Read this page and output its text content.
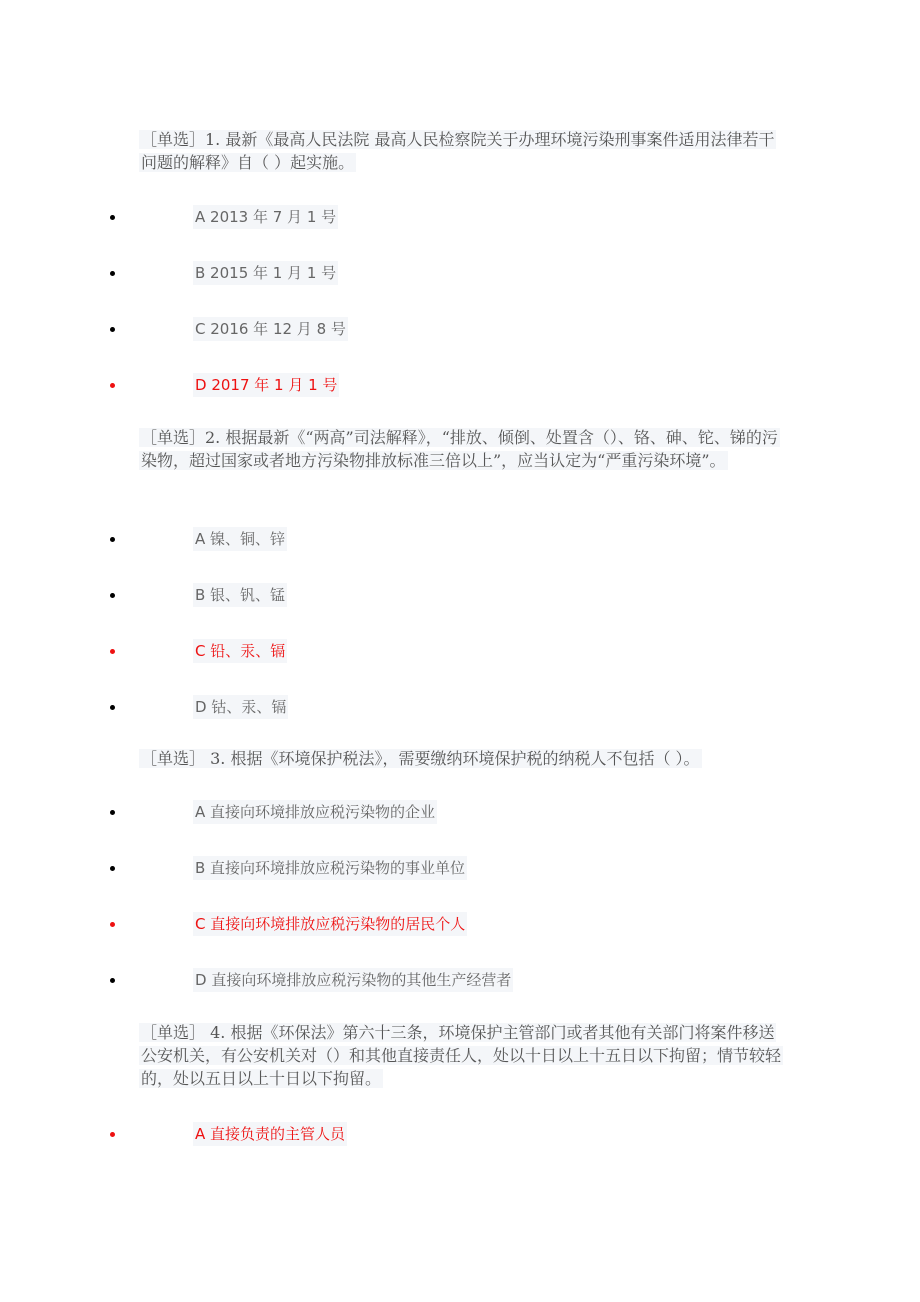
［单选］1. 最新《最高人民法院 最高人民检察院关于办理环境污染刑事案件适用法律若干问题的解释》自（ ）起实施。
A 2013 年 7 月 1 号
B 2015 年 1 月 1 号
C 2016 年 12 月 8 号
D 2017 年 1 月 1 号
［单选］2. 根据最新《“两高”司法解释》，“排放、倾倒、处置含（）、铬、砷、铊、锑的污染物，超过国家或者地方污染物排放标准三倍以上”，应当认定为“严重污染环境”。
A 镍、铜、锌
B 银、钒、锰
C 铅、汞、镉
D 钴、汞、镉
［单选］ 3. 根据《环境保护税法》，需要缴纳环境保护税的纳税人不包括（ ）。
A 直接向环境排放应税污染物的企业
B 直接向环境排放应税污染物的事业单位
C 直接向环境排放应税污染物的居民个人
D 直接向环境排放应税污染物的其他生产经营者
［单选］ 4. 根据《环保法》第六十三条，环境保护主管部门或者其他有关部门将案件移送公安机关，有公安机关对（）和其他直接责任人，处以十日以上十五日以下拘留；情节较轻的，处以五日以上十日以下拘留。
A 直接负责的主管人员
